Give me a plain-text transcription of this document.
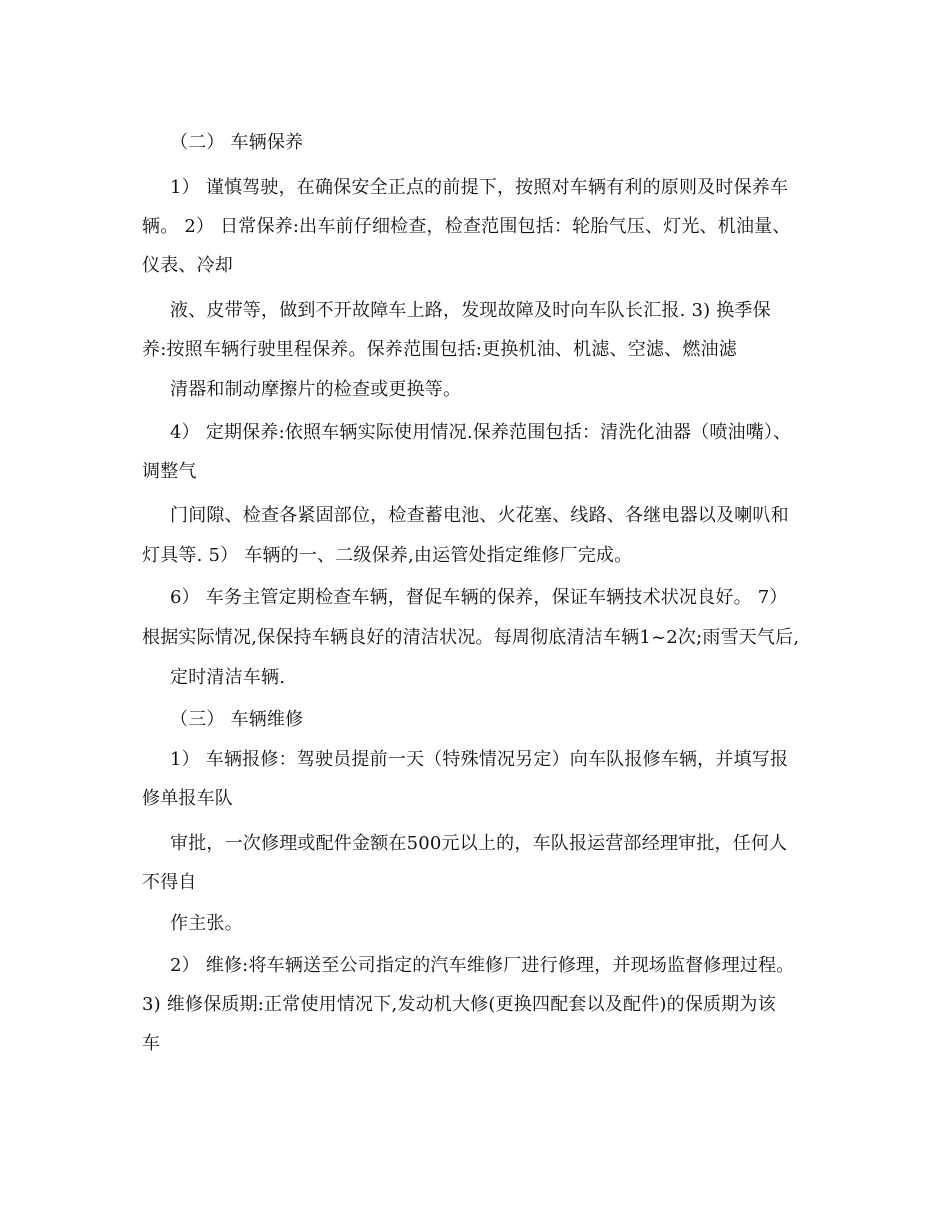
（二） 车辆保养
1） 谨慎驾驶，在确保安全正点的前提下，按照对车辆有利的原则及时保养车
辆。 2） 日常保养:出车前仔细检查，检查范围包括：轮胎气压、灯光、机油量、
仪表、冷却
液、皮带等，做到不开故障车上路，发现故障及时向车队长汇报. 3) 换季保
养:按照车辆行驶里程保养。保养范围包括:更换机油、机滤、空滤、燃油滤
清器和制动摩擦片的检查或更换等。
4） 定期保养:依照车辆实际使用情况.保养范围包括：清洗化油器（喷油嘴）、
调整气
门间隙、检查各紧固部位，检查蓄电池、火花塞、线路、各继电器以及喇叭和
灯具等. 5） 车辆的一、二级保养,由运管处指定维修厂完成。
6） 车务主管定期检查车辆，督促车辆的保养，保证车辆技术状况良好。 7）
根据实际情况,保保持车辆良好的清洁状况。每周彻底清洁车辆1~2次;雨雪天气后,
定时清洁车辆.
（三） 车辆维修
1） 车辆报修：驾驶员提前一天（特殊情况另定）向车队报修车辆，并填写报
修单报车队
审批，一次修理或配件金额在500元以上的，车队报运营部经理审批，任何人
不得自
作主张。
2） 维修:将车辆送至公司指定的汽车维修厂进行修理，并现场监督修理过程。
3) 维修保质期:正常使用情况下,发动机大修(更换四配套以及配件)的保质期为该
车
